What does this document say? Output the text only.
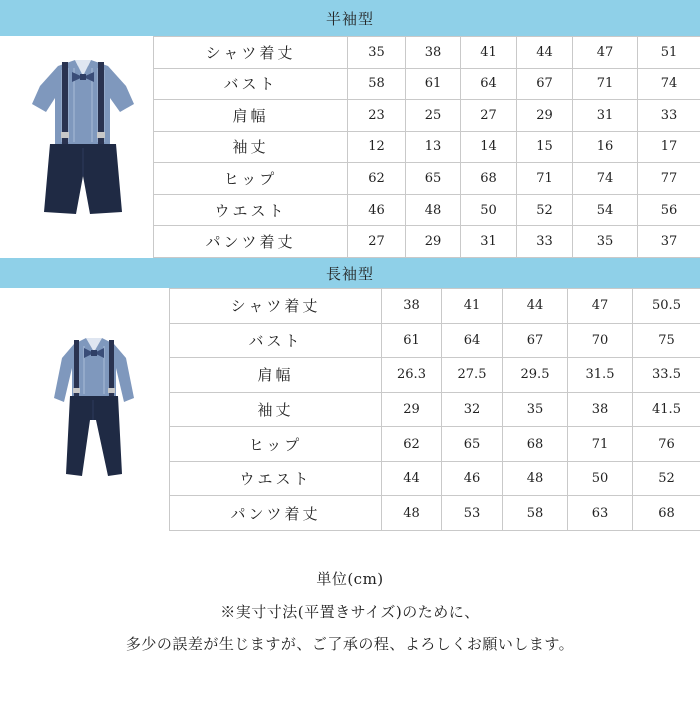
半袖型
シャツ着丈	35	38	41	44	47	51
バスト	58	61	64	67	71	74
肩幅	23	25	27	29	31	33
袖丈	12	13	14	15	16	17
ヒップ	62	65	68	71	74	77
ウエスト	46	48	50	52	54	56
パンツ着丈	27	29	31	33	35	37
長袖型
シャツ着丈	38	41	44	47	50.5
バスト	61	64	67	70	75
肩幅	26.3	27.5	29.5	31.5	33.5
袖丈	29	32	35	38	41.5
ヒップ	62	65	68	71	76
ウエスト	44	46	48	50	52
パンツ着丈	48	53	58	63	68
単位(cm)
※実寸寸法(平置きサイズ)のために、
多少の誤差が生じますが、ご了承の程、よろしくお願いします。
